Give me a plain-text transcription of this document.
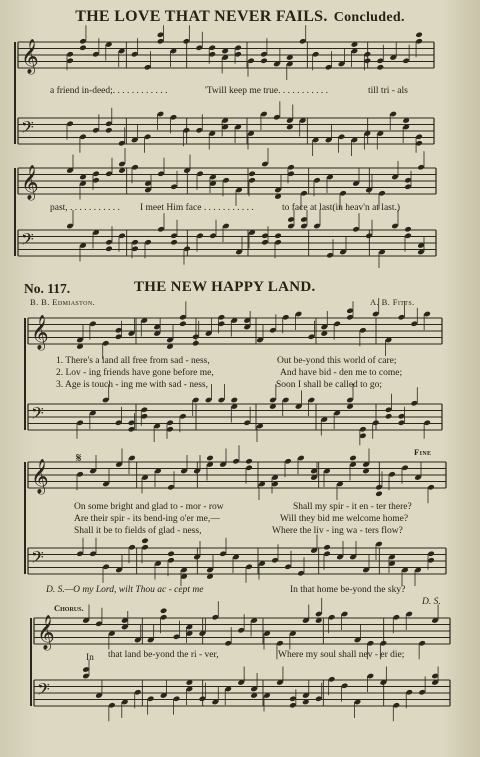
THE LOVE THAT NEVER FAILS. Concluded.
𝄞
𝄢
𝄞
𝄢
𝄞
𝄢
𝄞
𝄢
𝄞
𝄢
a friend in-deed;. . . . . . . . . . . .	'Twill keep me true. . . . . . . . . . .	till tri - als
past, . . . . . . . . . . . I meet Him face . . . . . . . . . . .	to face at last(in heav'n at last.)
No. 117.	THE NEW HAPPY LAND.
B. B. Edmiaston.	A. B. Fitts.
1. There's a land all free from sad - ness,	Out be-yond this world of care;
2. Lov - ing friends have gone before me,	And have bid - den me to come;
3. Age is touch - ing me with sad - ness,	Soon I shall be called to go;
Fine
𝄋
On some bright and glad to - mor - row	Shall my spir - it en - ter there?
Are their spir - its bend-ing o'er me,—	Will they bid me welcome home?
Shall it be to fields of glad - ness,	Where the liv - ing wa - ters flow?
D. S.—O my Lord, wilt Thou ac - cept me	In that home be-yond the sky?
D. S.
Chorus.
In that land be-yond the ri - ver,	Where my soul shall nev - er die;
